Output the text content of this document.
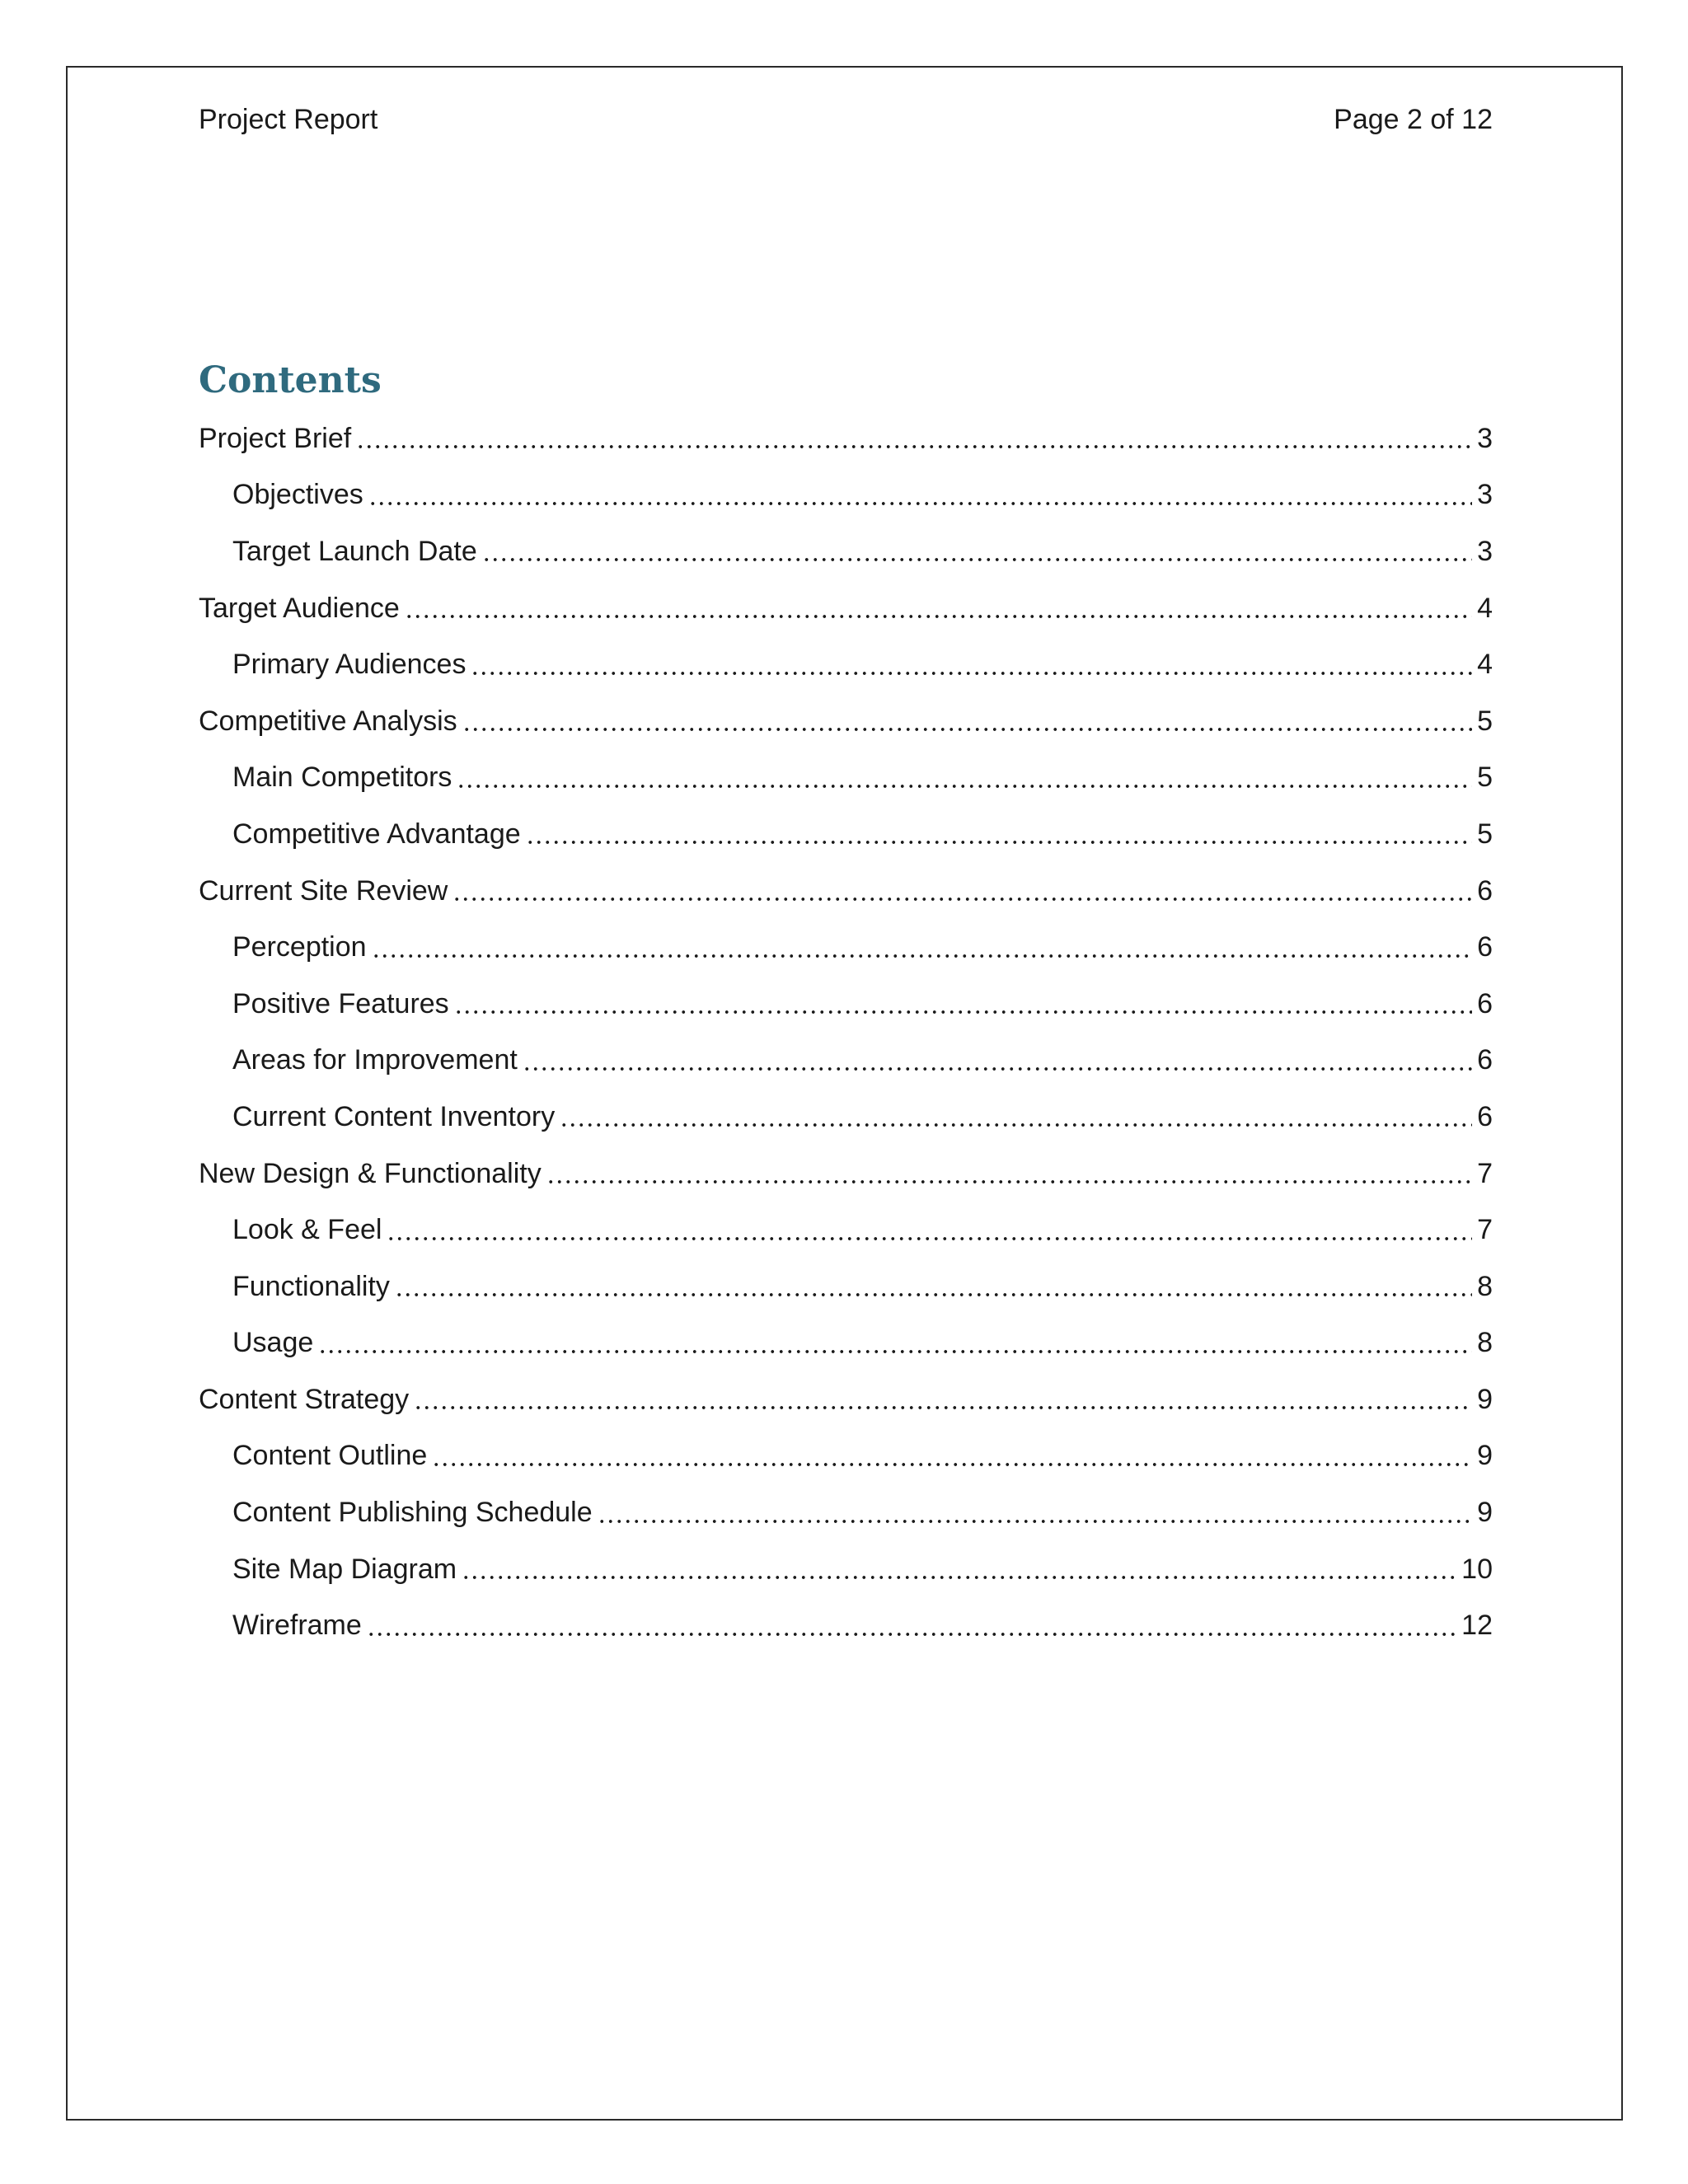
Project Report	Page 2 of 12
Contents
Project Brief	3
Objectives	3
Target Launch Date	3
Target Audience	4
Primary Audiences	4
Competitive Analysis	5
Main Competitors	5
Competitive Advantage	5
Current Site Review	6
Perception	6
Positive Features	6
Areas for Improvement	6
Current Content Inventory	6
New Design & Functionality	7
Look & Feel	7
Functionality	8
Usage	8
Content Strategy	9
Content Outline	9
Content Publishing Schedule	9
Site Map Diagram	10
Wireframe	12
